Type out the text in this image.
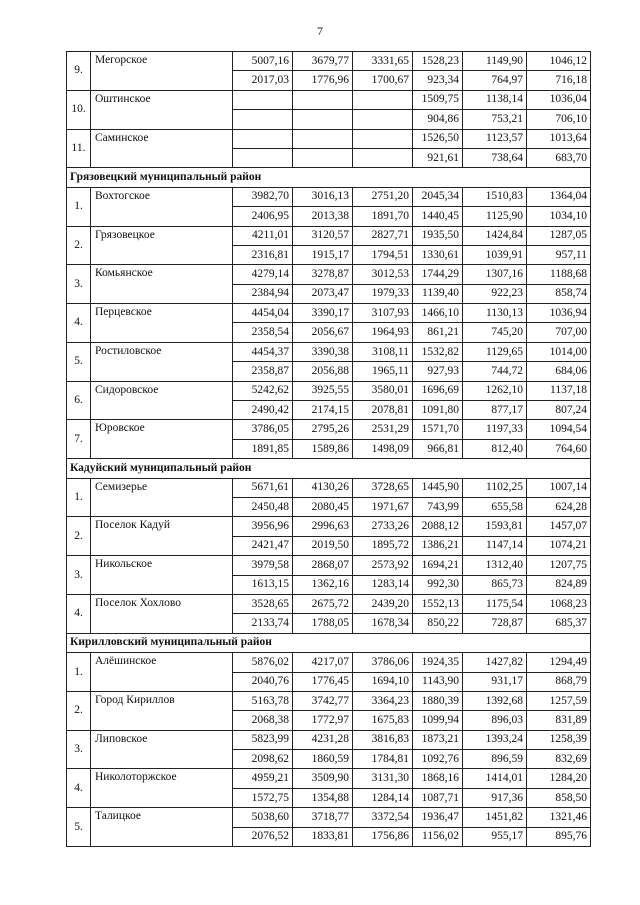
7
9.	Мегорское	5007,16	3679,77	3331,65	1528,23	1149,90	1046,12
		2017,03	1776,96	1700,67	923,34	764,97	716,18
10.	Оштинское				1509,75	1138,14	1036,04
					904,86	753,21	706,10
11.	Саминское				1526,50	1123,57	1013,64
					921,61	738,64	683,70
Грязовецкий муниципальный район							
1.	Вохтогское	3982,70	3016,13	2751,20	2045,34	1510,83	1364,04
		2406,95	2013,38	1891,70	1440,45	1125,90	1034,10
2.	Грязовецкое	4211,01	3120,57	2827,71	1935,50	1424,84	1287,05
		2316,81	1915,17	1794,51	1330,61	1039,91	957,11
3.	Комьянское	4279,14	3278,87	3012,53	1744,29	1307,16	1188,68
		2384,94	2073,47	1979,33	1139,40	922,23	858,74
4.	Перцевское	4454,04	3390,17	3107,93	1466,10	1130,13	1036,94
		2358,54	2056,67	1964,93	861,21	745,20	707,00
5.	Ростиловское	4454,37	3390,38	3108,11	1532,82	1129,65	1014,00
		2358,87	2056,88	1965,11	927,93	744,72	684,06
6.	Сидоровское	5242,62	3925,55	3580,01	1696,69	1262,10	1137,18
		2490,42	2174,15	2078,81	1091,80	877,17	807,24
7.	Юровское	3786,05	2795,26	2531,29	1571,70	1197,33	1094,54
		1891,85	1589,86	1498,09	966,81	812,40	764,60
Кадуйский муниципальный район							
1.	Семизерье	5671,61	4130,26	3728,65	1445,90	1102,25	1007,14
		2450,48	2080,45	1971,67	743,99	655,58	624,28
2.	Поселок Кадуй	3956,96	2996,63	2733,26	2088,12	1593,81	1457,07
		2421,47	2019,50	1895,72	1386,21	1147,14	1074,21
3.	Никольское	3979,58	2868,07	2573,92	1694,21	1312,40	1207,75
		1613,15	1362,16	1283,14	992,30	865,73	824,89
4.	Поселок Хохлово	3528,65	2675,72	2439,20	1552,13	1175,54	1068,23
		2133,74	1788,05	1678,34	850,22	728,87	685,37
Кирилловский муниципальный район							
1.	Алёшинское	5876,02	4217,07	3786,06	1924,35	1427,82	1294,49
		2040,76	1776,45	1694,10	1143,90	931,17	868,79
2.	Город Кириллов	5163,78	3742,77	3364,23	1880,39	1392,68	1257,59
		2068,38	1772,97	1675,83	1099,94	896,03	831,89
3.	Липовское	5823,99	4231,28	3816,83	1873,21	1393,24	1258,39
		2098,62	1860,59	1784,81	1092,76	896,59	832,69
4.	Николоторжское	4959,21	3509,90	3131,30	1868,16	1414,01	1284,20
		1572,75	1354,88	1284,14	1087,71	917,36	858,50
5.	Талицкое	5038,60	3718,77	3372,54	1936,47	1451,82	1321,46
		2076,52	1833,81	1756,86	1156,02	955,17	895,76
